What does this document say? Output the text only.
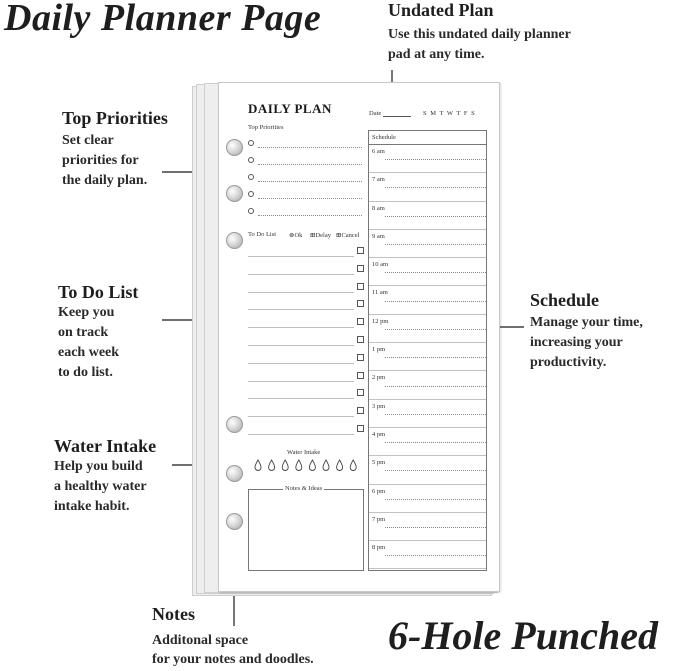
Daily Planner Page
6-Hole Punched
Undated Plan
Use this undated daily planner
pad at any time.
Top Priorities
Set clear
priorities for
the daily plan.
To Do List
Keep you
on track
each week
to do list.
Water Intake
Help you build
a healthy water
intake habit.
Notes
Additonal space
for your notes and doodles.
Schedule
Manage your time,
increasing your
productivity.
DAILY PLAN	Date	S M T W T F S
Top Priorities
To Do List ⊜Ok ⊞Delay ⊞Cancel
Water Intake
Notes & Ideas
Schedule
6 am
7 am
8 am
9 am
10 am
11 am
12 pm
1 pm
2 pm
3 pm
4 pm
5 pm
6 pm
7 pm
8 pm
